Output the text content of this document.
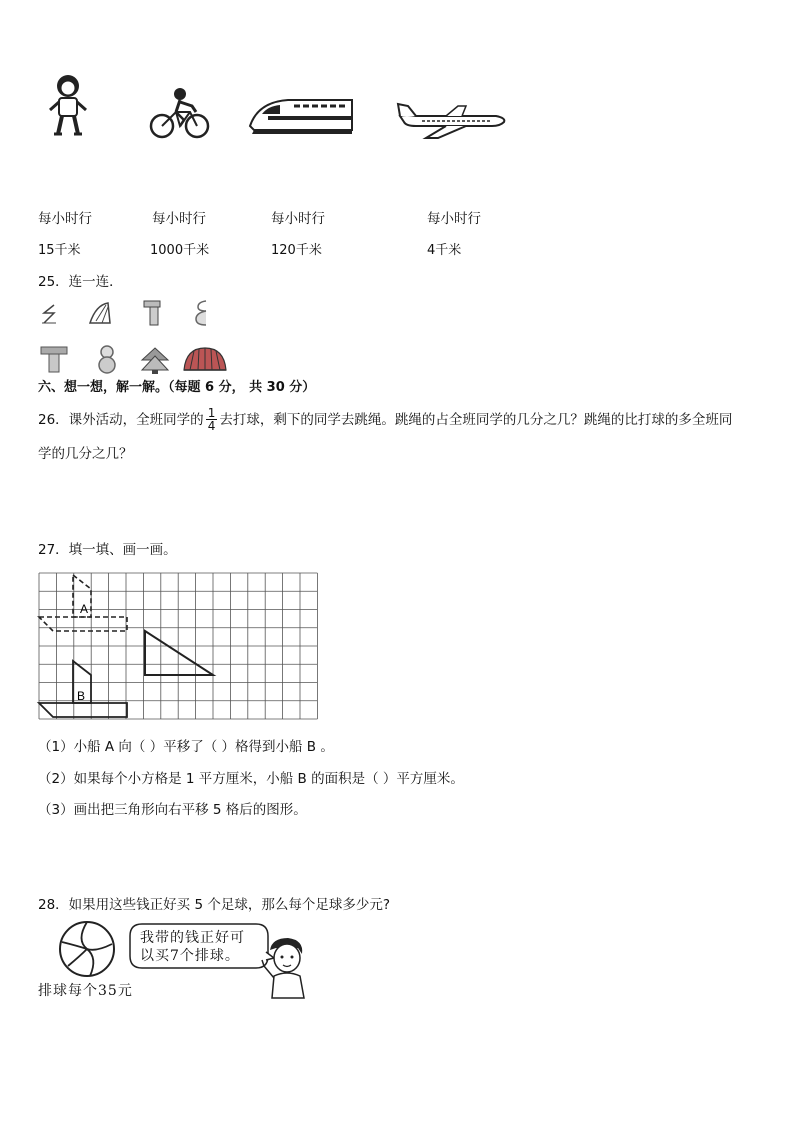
每小时行	每小时行	每小时行	每小时行
15千米	1000千米	120千米	4千米
25．连一连．
六、想一想，解一解。（每题 6 分， 共 30 分）
26．课外活动，全班同学的 $\frac{1}{4}$ 去打球，剩下的同学去跳绳。跳绳的占全班同学的几分之几？跳绳的比打球的多全班同
学的几分之几？
27．填一填、画一画。
A
B
（1）小船 A 向（ ）平移了（ ）格得到小船 B 。
（2）如果每个小方格是 1 平方厘米，小船 B 的面积是（ ）平方厘米。
（3）画出把三角形向右平移 5 格后的图形。
28．如果用这些钱正好买 5 个足球，那么每个足球多少元?
我带的钱正好可
以买7个排球。
排球每个35元
